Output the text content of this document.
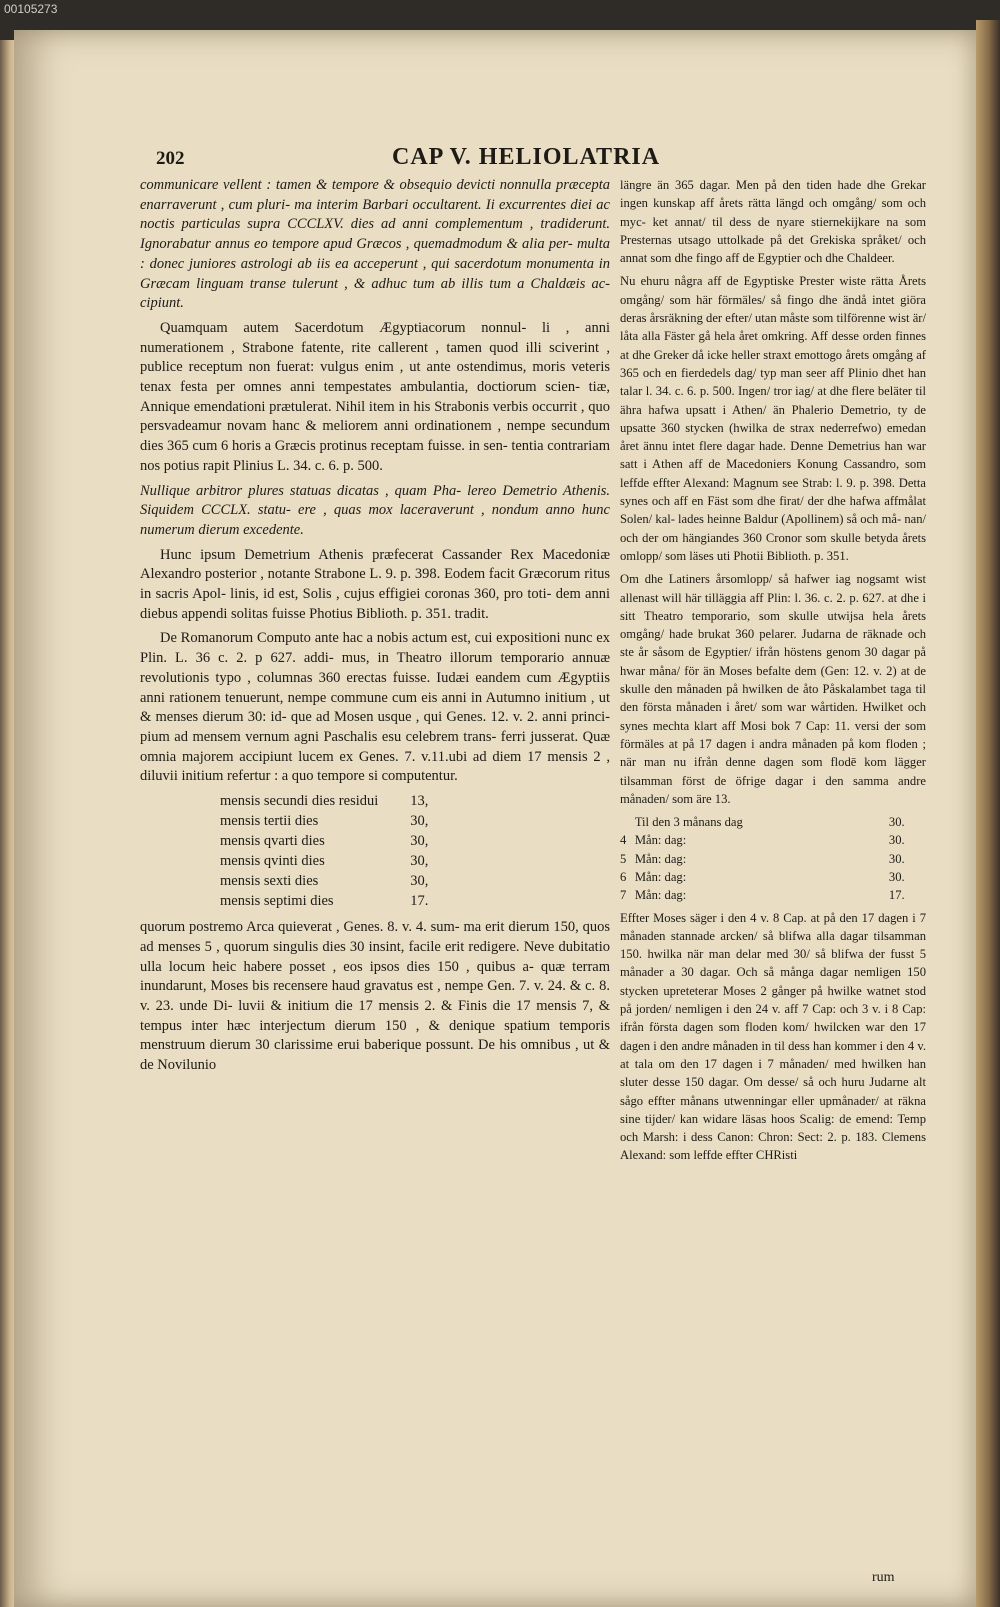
00105273
202	CAP V. HELIOLATRIA

communicare vellent : tamen & tempore & obsequio devicti nonnulla præcepta enarraverunt , cum pluri- ma interim Barbari occultarent. Ii excurrentes diei ac noctis particulas supra CCCLXV. dies ad anni complementum , tradiderunt. Ignorabatur annus eo tempore apud Græcos , quemadmodum & alia per- multa : donec juniores astrologi ab iis ea acceperunt , qui sacerdotum monumenta in Græcam linguam transe tulerunt , & adhuc tum ab illis tum a Chaldæis ac- cipiunt.

Quamquam autem Sacerdotum Ægyptiacorum nonnul- li , anni numerationem , Strabone fatente, rite callerent , tamen quod illi sciverint , publice receptum non fuerat: vulgus enim , ut ante ostendimus, moris veteris tenax festa per omnes anni tempestates ambulantia, doctiorum scien- tiæ, Annique emendationi prætulerat. Nihil item in his Strabonis verbis occurrit , quo persvadeamur novam hanc & meliorem anni ordinationem , nempe secundum dies 365 cum 6 horis a Græcis protinus receptam fuisse. in sen- tentia contrariam nos potius rapit Plinius L. 34. c. 6. p. 500.

Nullique arbitror plures statuas dicatas , quam Pha- lereo Demetrio Athenis. Siquidem CCCLX. statu- ere , quas mox laceraverunt , nondum anno hunc numerum dierum excedente.

Hunc ipsum Demetrium Athenis præfecerat Cassander Rex Macedoniæ Alexandro posterior , notante Strabone L. 9. p. 398. Eodem facit Græcorum ritus in sacris Apol- linis, id est, Solis , cujus effigiei coronas 360, pro toti- dem anni diebus appendi solitas fuisse Photius Biblioth. p. 351. tradit.

De Romanorum Computo ante hac a nobis actum est, cui expositioni nunc ex Plin. L. 36 c. 2. p 627. addi- mus, in Theatro illorum temporario annuæ revolutionis typo , columnas 360 erectas fuisse. Iudæi eandem cum Ægyptiis anni rationem tenuerunt, nempe commune cum eis anni in Autumno initium , ut & menses dierum 30: id- que ad Mosen usque , qui Genes. 12. v. 2. anni princi- pium ad mensem vernum agni Paschalis esu celebrem trans- ferri jusserat. Quæ omnia majorem accipiunt lucem ex Genes. 7. v.11.ubi ad diem 17 mensis 2 , diluvii initium refertur : a quo tempore si computentur.

mensis secundi dies residui	13,
mensis tertii dies	30,
mensis qvarti dies	30,
mensis qvinti dies	30,
mensis sexti dies	30,
mensis septimi dies	17.

quorum postremo Arca quieverat , Genes. 8. v. 4. sum- ma erit dierum 150, quos ad menses 5 , quorum singulis dies 30 insint, facile erit redigere. Neve dubitatio ulla locum heic habere posset , eos ipsos dies 150 , quibus a- quæ terram inundarunt, Moses bis recensere haud gravatus est , nempe Gen. 7. v. 24. & c. 8. v. 23. unde Di- luvii & initium die 17 mensis 2. & Finis die 17 mensis 7, & tempus inter hæc interjectum dierum 150 , & denique spatium temporis menstruum dierum 30 clarissime erui baberique possunt. De his omnibus , ut & de Novilunio

längre än 365 dagar. Men på den tiden hade dhe Grekar ingen kunskap aff årets rätta längd och omgång/ som och myc- ket annat/ til dess de nyare stiernekijkare na som Presternas utsago uttolkade på det Grekiska språket/ och annat som dhe fingo aff de Egyptier och dhe Chaldeer.

Nu ehuru några aff de Egyptiske Prester wiste rätta Årets omgång/ som här förmäles/ så fingo dhe ändå intet giöra deras årsräkning der efter/ utan måste som tilförenne wist är/ låta alla Fäster gå hela året omkring. Aff desse orden finnes at dhe Greker då icke heller straxt emottogo årets omgång af 365 och en fierdedels dag/ typ man seer aff Plinio dhet han talar l. 34. c. 6. p. 500. Ingen/ tror iag/ at dhe flere beläter til ähra hafwa upsatt i Athen/ än Phalerio Demetrio, ty de upsatte 360 stycken (hwilka de strax nederrefwo) emedan året ännu intet flere dagar hade. Denne Demetrius han war satt i Athen aff de Macedoniers Konung Cassandro, som leffde effter Alexand: Magnum see Strab: l. 9. p. 398. Detta synes och aff en Fäst som dhe firat/ der dhe hafwa affmålat Solen/ kal- lades heinne Baldur (Apollinem) så och må- nan/ och der om hängiandes 360 Cronor som skulle betyda årets omlopp/ som läses uti Photii Biblioth. p. 351.

Om dhe Latiners årsomlopp/ så hafwer iag nogsamt wist allenast will här tilläggia aff Plin: l. 36. c. 2. p. 627. at dhe i sitt Theatro temporario, som skulle utwijsa hela årets omgång/ hade brukat 360 pelarer. Judarna de räknade och ste år såsom de Egyptier/ ifrån höstens genom 30 dagar på hwar måna/ för än Moses befalte dem (Gen: 12. v. 2) at de skulle den månaden på hwilken de åto Påskalambet taga til den första månaden i året/ som war wårtiden. Hwilket och synes mechta klart aff Mosi bok 7 Cap: 11. versi der som förmäles at på 17 dagen i andra månaden på kom floden ; när man nu ifrån denne dagen som flodē kom lägger tilsamman först de öfrige dagar i den samma andre månaden/ som äre 13.

	Til den 3 månans dag	30.
4	Mån: dag:	30.
5	Mån: dag:	30.
6	Mån: dag:	30.
7	Mån: dag:	17.

Effter Moses säger i den 4 v. 8 Cap. at på den 17 dagen i 7 månaden stannade arcken/ så blifwa alla dagar tilsamman 150. hwilka när man delar med 30/ så blifwa der fusst 5 månader a 30 dagar. Och så många dagar nemligen 150 stycken upreteterar Moses 2 gånger på hwilke watnet stod på jorden/ nemligen i den 24 v. aff 7 Cap: och 3 v. i 8 Cap: ifrån första dagen som floden kom/ hwilcken war den 17 dagen i den andre månaden in til dess han kommer i den 4 v. at tala om den 17 dagen i 7 månaden/ med hwilken han sluter desse 150 dagar. Om desse/ så och huru Judarne alt sågo effter månans utwenningar eller upmånader/ at räkna sine tijder/ kan widare läsas hoos Scalig: de emend: Temp och Marsh: i dess Canon: Chron: Sect: 2. p. 183. Clemens Alexand: som leffde effter CHRisti

rum
